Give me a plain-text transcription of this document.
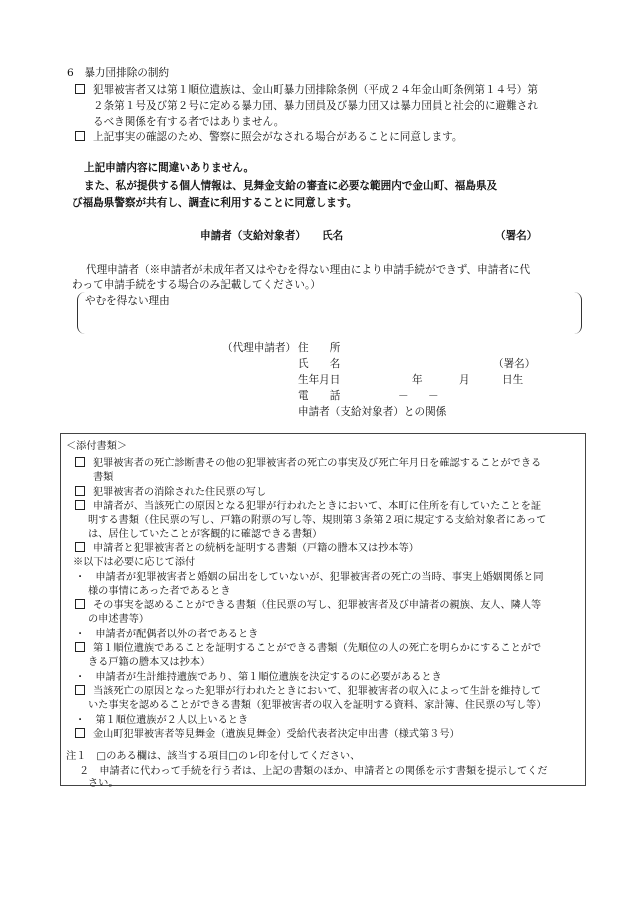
6　暴力団排除の制約
犯罪被害者又は第１順位遺族は、金山町暴力団排除条例（平成２４年金山町条例第１４号）第
２条第１号及び第２号に定める暴力団、暴力団員及び暴力団又は暴力団員と社会的に避難され
るべき関係を有する者ではありません。
上記事実の確認のため、警察に照会がなされる場合があることに同意します。
上記申請内容に間違いありません。
また、私が提供する個人情報は、見舞金支給の審査に必要な範囲内で金山町、福島県及
び福島県警察が共有し、調査に利用することに同意します。
申請者（支給対象者） 氏名	（署名）
代理申請者（※申請者が未成年者又はやむを得ない理由により申請手続ができず、申請者に代
わって申請手続をする場合のみ記載してください。）
やむを得ない理由
（代理申請者） 住　　所
氏　　名	（署名）
生年月日	年	月	日生
電　　話	－ －
申請者（支給対象者）との関係
＜添付書類＞
犯罪被害者の死亡診断書その他の犯罪被害者の死亡の事実及び死亡年月日を確認することができる
書類
犯罪被害者の消除された住民票の写し
申請者が、当該死亡の原因となる犯罪が行われたときにおいて、本町に住所を有していたことを証
明する書類（住民票の写し、戸籍の附票の写し等、規則第３条第２項に規定する支給対象者にあって
は、居住していたことが客観的に確認できる書類）
申請者と犯罪被害者との続柄を証明する書類（戸籍の謄本又は抄本等）
※以下は必要に応じて添付
・　申請者が犯罪被害者と婚姻の届出をしていないが、犯罪被害者の死亡の当時、事実上婚姻関係と同
様の事情にあった者であるとき
その事実を認めることができる書類（住民票の写し、犯罪被害者及び申請者の親族、友人、隣人等
の申述書等）
・　申請者が配偶者以外の者であるとき
第１順位遺族であることを証明することができる書類（先順位の人の死亡を明らかにすることがで
きる戸籍の謄本又は抄本）
・　申請者が生計維持遺族であり、第１順位遺族を決定するのに必要があるとき
当該死亡の原因となった犯罪が行われたときにおいて、犯罪被害者の収入によって生計を維持して
いた事実を認めることができる書類（犯罪被害者の収入を証明する資料、家計簿、住民票の写し等）
・　第１順位遺族が２人以上いるとき
金山町犯罪被害者等見舞金（遺族見舞金）受給代表者決定申出書（様式第３号）
注１　□のある欄は、該当する項目□のレ印を付してください、
２　申請者に代わって手続を行う者は、上記の書類のほか、申請者との関係を示す書類を提示してくだ
さい。
